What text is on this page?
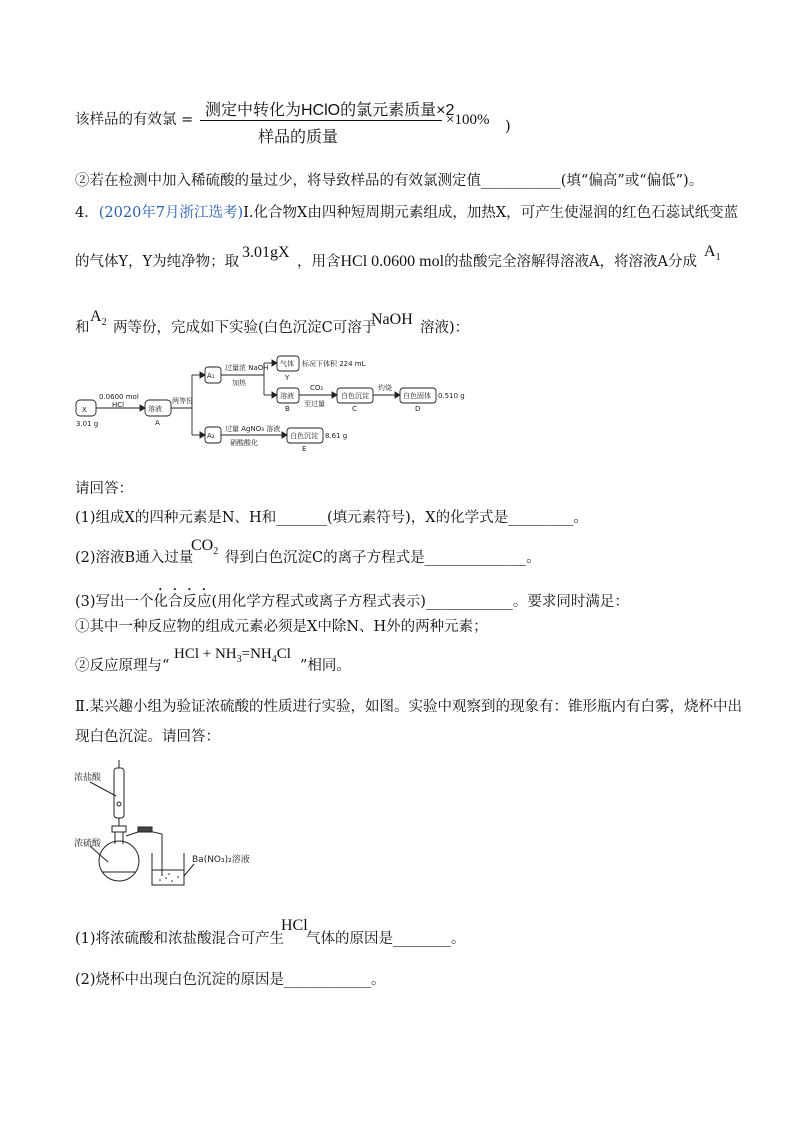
该样品的有效氯 =
测定中转化为HClO的氯元素质量×2
样品的质量
×100% )
②若在检测中加入稀硫酸的量过少，将导致样品的有效氯测定值___________(填“偏高”或“偏低”)。
4．(2020年7月浙江选考)Ⅰ.化合物X由四种短周期元素组成，加热X，可产生使湿润的红色石蕊试纸变蓝
的气体Y，Y为纯净物；取
3.01gX
，用含HCl 0.0600 mol的盐酸完全溶解得溶液A，将溶液A分成
$A_1$
和
$A_2$ 两等份，完成如下实验(白色沉淀C可溶于
NaOH 溶液)：
X
3.01 g
0.0600 mol
HCl	溶液
A
两等份
A₁
A₂
过量浓 NaOH
加热
气体 标况下体积 224 mL
Y
溶液
B
CO₂
至过量
白色沉淀
C
灼烧
白色固体
D
0.510 g
过量 AgNO₃ 溶液
硝酸酸化
白色沉淀
E
8.61 g
请回答：
(1)组成X的四种元素是N、H和_______(填元素符号)，X的化学式是_________。
(2)溶液B通入过量
$CO_2$ 得到白色沉淀C的离子方程式是______________。
(3)写出一个化合反应(用化学方程式或离子方程式表示)____________。要求同时满足：
①其中一种反应物的组成元素必须是X中除N、H外的两种元素；
②反应原理与“
HCl + $NH_3=NH_4Cl$
”相同。
Ⅱ.某兴趣小组为验证浓硫酸的性质进行实验，如图。实验中观察到的现象有：锥形瓶内有白雾，烧杯中出
现白色沉淀。请回答：
浓盐酸
浓硫酸
Ba(NO₃)₂溶液
(1)将浓硫酸和浓盐酸混合可产生
HCl
气体的原因是________。
(2)烧杯中出现白色沉淀的原因是____________。
